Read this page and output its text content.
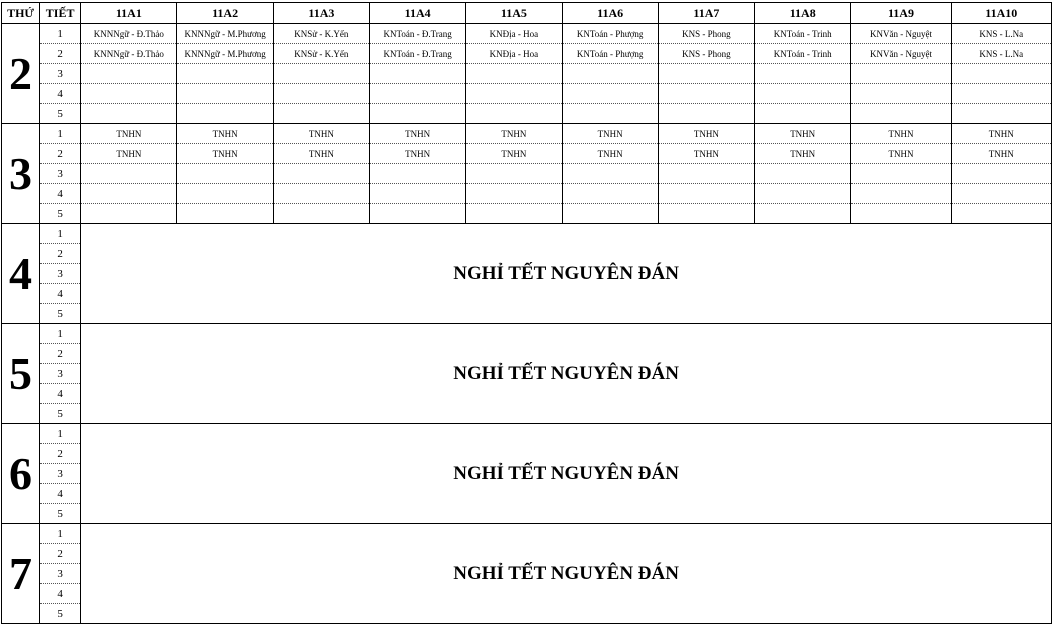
THỨ	TIẾT	11A1	11A2	11A3	11A4	11A5	11A6	11A7	11A8	11A9	11A10
2	1	KNNNgữ - Đ.Thảo	KNNNgữ - M.Phương	KNSử - K.Yến	KNToán - Đ.Trang	KNĐịa - Hoa	KNToán - Phượng	KNS - Phong	KNToán - Trinh	KNVăn - Nguyệt	KNS - L.Na
	2	KNNNgữ - Đ.Thảo	KNNNgữ - M.Phương	KNSử - K.Yến	KNToán - Đ.Trang	KNĐịa - Hoa	KNToán - Phượng	KNS - Phong	KNToán - Trinh	KNVăn - Nguyệt	KNS - L.Na
	3										
	4										
	5										
3	1	TNHN	TNHN	TNHN	TNHN	TNHN	TNHN	TNHN	TNHN	TNHN	TNHN
	2	TNHN	TNHN	TNHN	TNHN	TNHN	TNHN	TNHN	TNHN	TNHN	TNHN
	3										
	4										
	5										
4	1	NGHỈ TẾT NGUYÊN ĐÁN									
	2										
	3										
	4										
	5										
5	1	NGHỈ TẾT NGUYÊN ĐÁN									
	2										
	3										
	4										
	5										
6	1	NGHỈ TẾT NGUYÊN ĐÁN									
	2										
	3										
	4										
	5										
7	1	NGHỈ TẾT NGUYÊN ĐÁN									
	2										
	3										
	4										
	5										
